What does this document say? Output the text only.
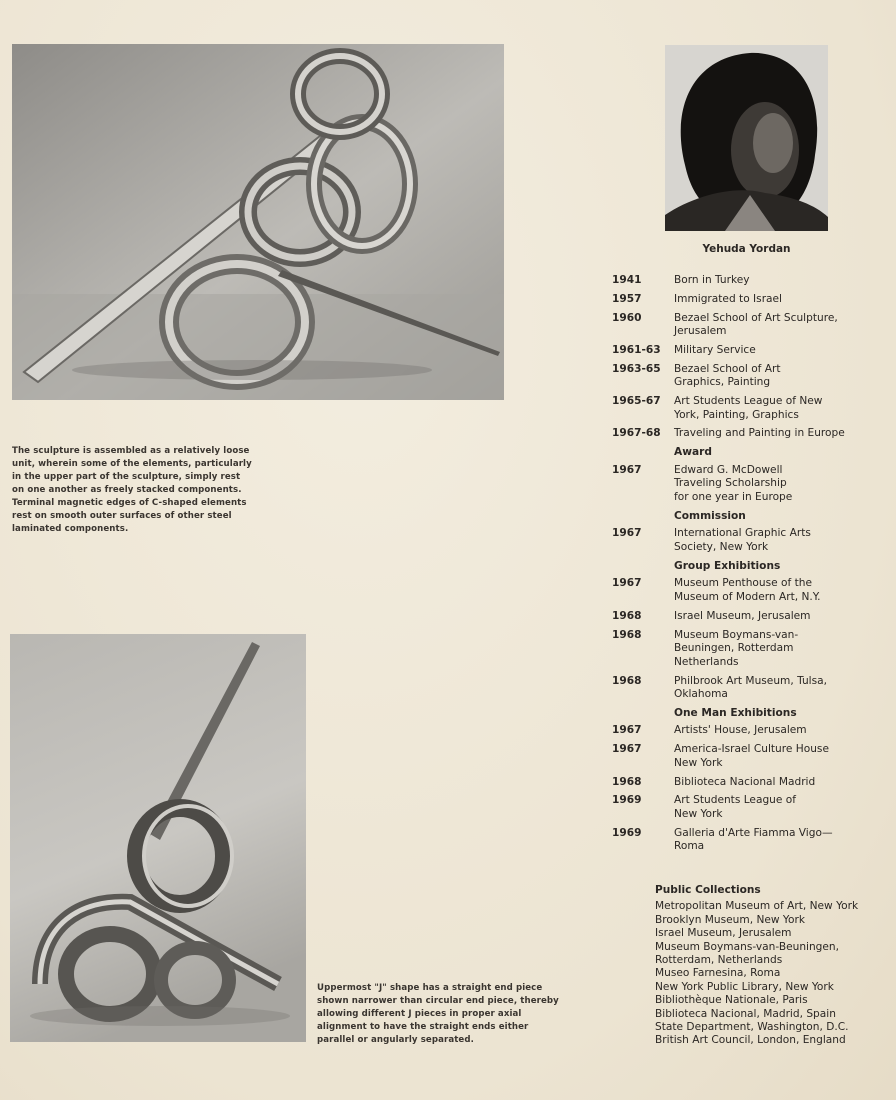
The sculpture is assembled as a relatively loose unit, wherein some of the elements, particularly in the upper part of the sculpture, simply rest on one another as freely stacked components. Terminal magnetic edges of C-shaped elements rest on smooth outer surfaces of other steel laminated components.
Yehuda Yordan
1941	Born in Turkey
1957	Immigrated to Israel
1960	Bezael School of Art Sculpture,
Jerusalem
1961-63	Military Service
1963-65	Bezael School of Art
Graphics, Painting
1965-67	Art Students League of New
York, Painting, Graphics
1967-68	Traveling and Painting in Europe
Award
1967	Edward G. McDowell
Traveling Scholarship
for one year in Europe
Commission
1967	International Graphic Arts
Society, New York
Group Exhibitions
1967	Museum Penthouse of the
Museum of Modern Art, N.Y.
1968	Israel Museum, Jerusalem
1968	Museum Boymans-van-
Beuningen, Rotterdam
Netherlands
1968	Philbrook Art Museum, Tulsa,
Oklahoma
One Man Exhibitions
1967	Artists' House, Jerusalem
1967	America-Israel Culture House
New York
1968	Biblioteca Nacional Madrid
1969	Art Students League of
New York
1969	Galleria d'Arte Fiamma Vigo—
Roma
Public Collections
Metropolitan Museum of Art, New York
Brooklyn Museum, New York
Israel Museum, Jerusalem
Museum Boymans-van-Beuningen,
Rotterdam, Netherlands
Museo Farnesina, Roma
New York Public Library, New York
Bibliothèque Nationale, Paris
Biblioteca Nacional, Madrid, Spain
State Department, Washington, D.C.
British Art Council, London, England
Uppermost "J" shape has a straight end piece shown narrower than circular end piece, thereby allowing different J pieces in proper axial alignment to have the straight ends either parallel or angularly separated.
